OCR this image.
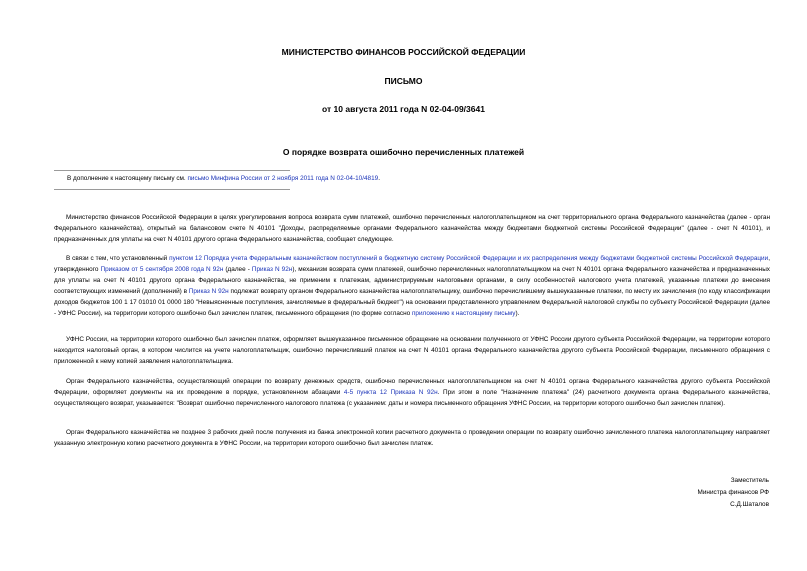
МИНИСТЕРСТВО ФИНАНСОВ РОССИЙСКОЙ ФЕДЕРАЦИИ
ПИСЬМО
от 10 августа 2011 года N 02-04-09/3641
О порядке возврата ошибочно перечисленных платежей
В дополнение к настоящему письму см. письмо Минфина России от 2 ноября 2011 года N 02-04-10/4819.

Министерство финансов Российской Федерации в целях урегулирования вопроса возврата сумм платежей, ошибочно перечисленных налогоплательщиком на счет территориального органа Федерального казначейства (далее - орган Федерального казначейства), открытый на балансовом счете N 40101 "Доходы, распределяемые органами Федерального казначейства между бюджетами бюджетной системы Российской Федерации" (далее - счет N 40101), и предназначенных для уплаты на счет N 40101 другого органа Федерального казначейства, сообщает следующее.

В связи с тем, что установленный пунктом 12 Порядка учета Федеральным казначейством поступлений в бюджетную систему Российской Федерации и их распределения между бюджетами бюджетной системы Российской Федерации, утвержденного Приказом от 5 сентября 2008 года N 92н (далее - Приказ N 92н), механизм возврата сумм платежей, ошибочно перечисленных налогоплательщиком на счет N 40101 органа Федерального казначейства и предназначенных для уплаты на счет N 40101 другого органа Федерального казначейства, не применим к платежам, администрируемым налоговыми органами, в силу особенностей налогового учета платежей, указанные платежи до внесения соответствующих изменений (дополнений) в Приказ N 92н подлежат возврату органом Федерального казначейства налогоплательщику, ошибочно перечислившему вышеуказанные платежи, по месту их зачисления (по коду классификации доходов бюджетов 100 1 17 01010 01 0000 180 "Невыясненные поступления, зачисляемые в федеральный бюджет") на основании представленного управлением Федеральной налоговой службы по субъекту Российской Федерации (далее - УФНС России), на территории которого ошибочно был зачислен платеж, письменного обращения (по форме согласно приложению к настоящему письму).

УФНС России, на территории которого ошибочно был зачислен платеж, оформляет вышеуказанное письменное обращение на основании полученного от УФНС России другого субъекта Российской Федерации, на территории которого находится налоговый орган, в котором числится на учете налогоплательщик, ошибочно перечисливший платеж на счет N 40101 органа Федерального казначейства другого субъекта Российской Федерации, письменного обращения с приложенной к нему копией заявления налогоплательщика.

Орган Федерального казначейства, осуществляющий операции по возврату денежных средств, ошибочно перечисленных налогоплательщиком на счет N 40101 органа Федерального казначейства другого субъекта Российской Федерации, оформляет документы на их проведение в порядке, установленном абзацами 4-5 пункта 12 Приказа N 92н. При этом в поле "Назначение платежа" (24) расчетного документа органа Федерального казначейства, осуществляющего возврат, указывается: "Возврат ошибочно перечисленного налогового платежа (с указанием: даты и номера письменного обращения УФНС России, на территории которого ошибочно был зачислен платеж).

Орган Федерального казначейства не позднее 3 рабочих дней после получения из банка электронной копии расчетного документа о проведении операции по возврату ошибочно зачисленного платежа налогоплательщику направляет указанную электронную копию расчетного документа в УФНС России, на территории которого ошибочно был зачислен платеж.

Заместитель
Министра финансов РФ
С.Д.Шаталов
